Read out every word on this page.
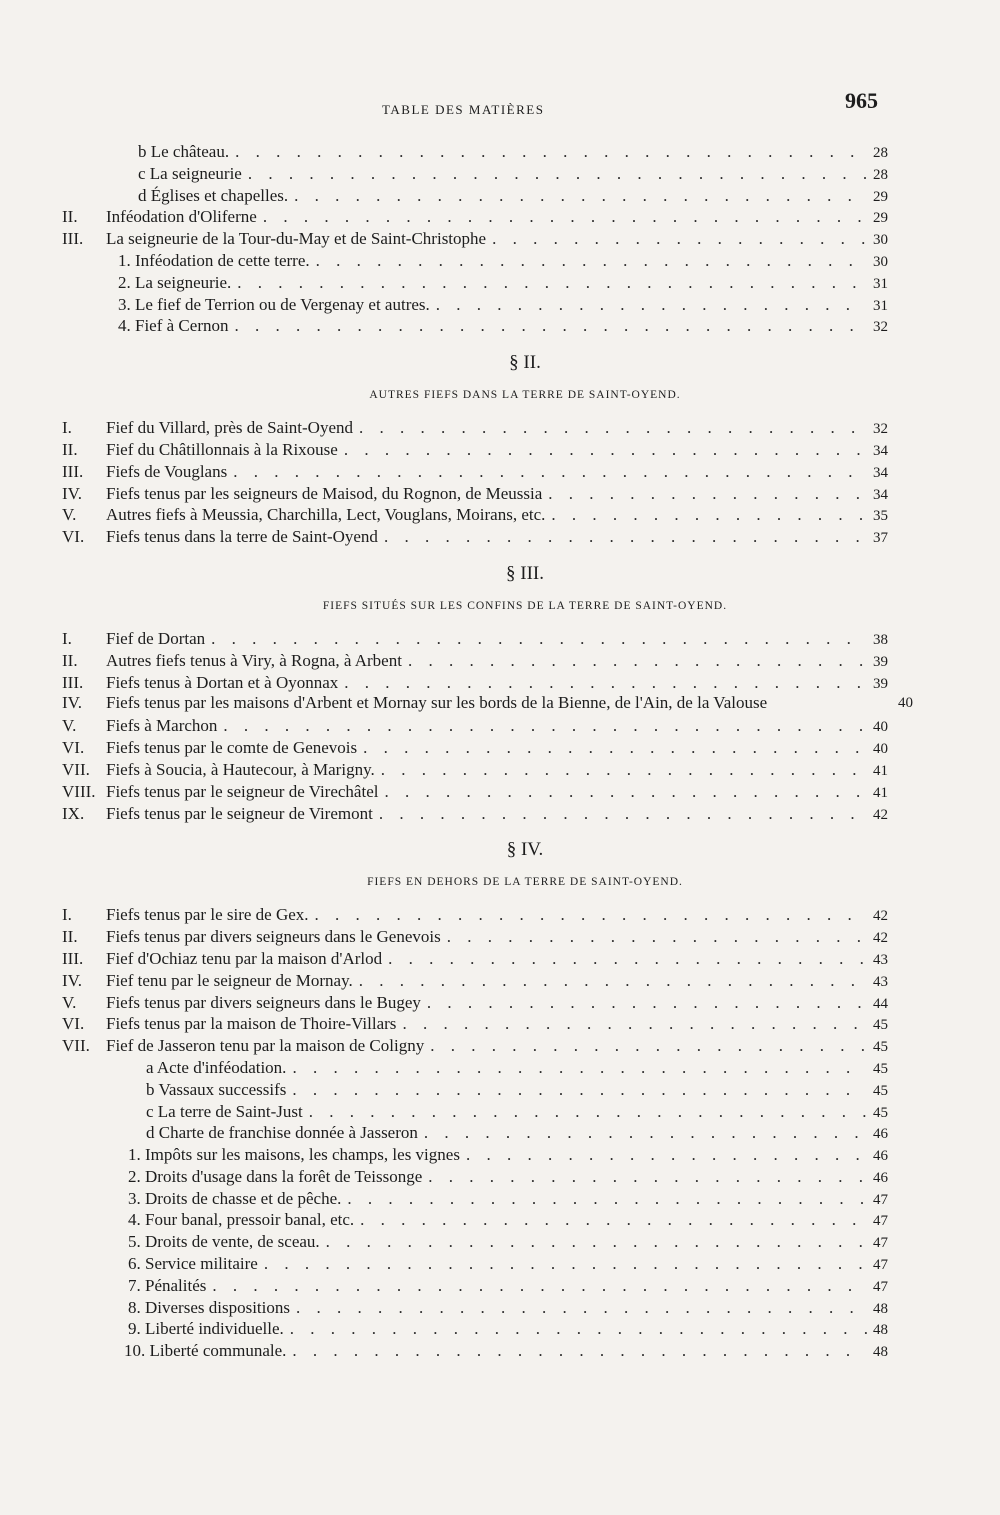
TABLE DES MATIÈRES	965
b Le château. . . .	28
c La seigneurie . . .	28
d Églises et chapelles. . . .	29
II. Inféodation d'Oliferne . . .	29
III. La seigneurie de la Tour-du-May et de Saint-Christophe . . .	30
1. Inféodation de cette terre. . . .	30
2. La seigneurie. . . .	31
3. Le fief de Terrion ou de Vergenay et autres. . . .	31
4. Fief à Cernon . . .	32
§ II.
AUTRES FIEFS DANS LA TERRE DE SAINT-OYEND.
I. Fief du Villard, près de Saint-Oyend . . .	32
II. Fief du Châtillonnais à la Rixouse . . .	34
III. Fiefs de Vouglans . . .	34
IV. Fiefs tenus par les seigneurs de Maisod, du Rognon, de Meussia . . .	34
V. Autres fiefs à Meussia, Charchilla, Lect, Vouglans, Moirans, etc. . . .	35
VI. Fiefs tenus dans la terre de Saint-Oyend . . .	37
§ III.
FIEFS SITUÉS SUR LES CONFINS DE LA TERRE DE SAINT-OYEND.
I. Fief de Dortan . . .	38
II. Autres fiefs tenus à Viry, à Rogna, à Arbent . . .	39
III. Fiefs tenus à Dortan et à Oyonnax . . .	39
IV. Fiefs tenus par les maisons d'Arbent et Mornay sur les bords de la Bienne, de l'Ain, de la Valouse	40
V. Fiefs à Marchon . . .	40
VI. Fiefs tenus par le comte de Genevois . . .	40
VII. Fiefs à Soucia, à Hautecour, à Marigny. . . .	41
VIII. Fiefs tenus par le seigneur de Virechâtel . . .	41
IX. Fiefs tenus par le seigneur de Viremont . . .	42
§ IV.
FIEFS EN DEHORS DE LA TERRE DE SAINT-OYEND.
I. Fiefs tenus par le sire de Gex. . . .	42
II. Fiefs tenus par divers seigneurs dans le Genevois . . .	42
III. Fief d'Ochiaz tenu par la maison d'Arlod . . .	43
IV. Fief tenu par le seigneur de Mornay. . . .	43
V. Fiefs tenus par divers seigneurs dans le Bugey . . .	44
VI. Fiefs tenus par la maison de Thoire-Villars . . .	45
VII. Fief de Jasseron tenu par la maison de Coligny . . .	45
a Acte d'inféodation. . . .	45
b Vassaux successifs . . .	45
c La terre de Saint-Just . . .	45
d Charte de franchise donnée à Jasseron . . .	46
1. Impôts sur les maisons, les champs, les vignes . . .	46
2. Droits d'usage dans la forêt de Teissonge . . .	46
3. Droits de chasse et de pêche. . . .	47
4. Four banal, pressoir banal, etc. . . .	47
5. Droits de vente, de sceau. . . .	47
6. Service militaire . . .	47
7. Pénalités . . .	47
8. Diverses dispositions . . .	48
9. Liberté individuelle. . . .	48
10. Liberté communale. . . .	48
